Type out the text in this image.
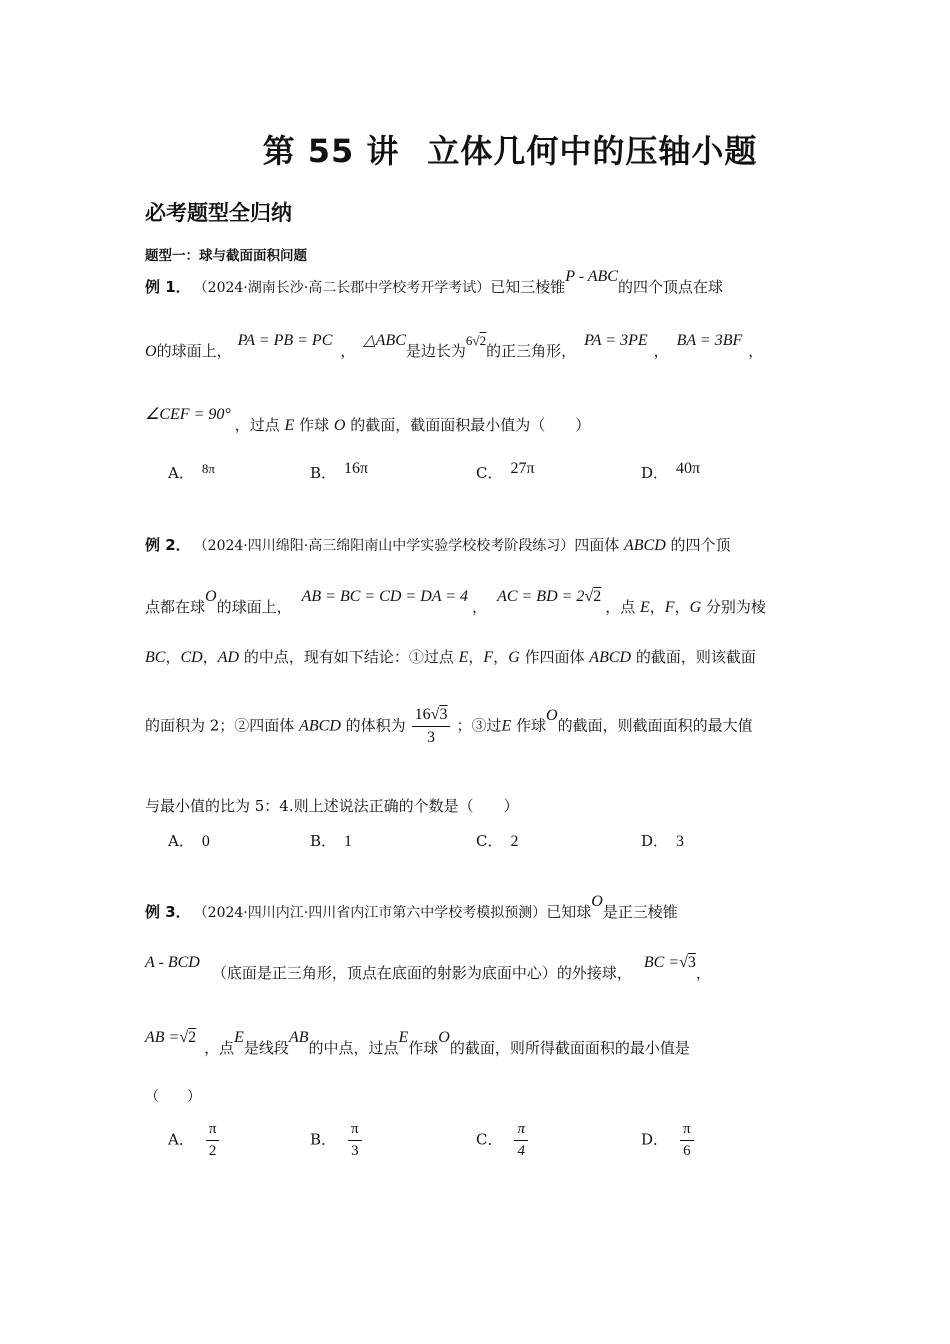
第 55 讲 立体几何中的压轴小题
必考题型全归纳
题型一：球与截面面积问题
例 1． （2024·湖南长沙·高二长郡中学校考开学考试）已知三棱锥P - ABC的四个顶点在球
O的球面上，PA = PB = PC，△ABC是边长为6√2的正三角形，PA = 3PE，BA = 3BF，
∠CEF = 90°，过点 E 作球 O 的截面，截面面积最小值为（　　）
A． 8π	B． 16π	C． 27π	D． 40π
例 2． （2024·四川绵阳·高三绵阳南山中学实验学校校考阶段练习）四面体 ABCD 的四个顶
点都在球O的球面上，AB = BC = CD = DA = 4，AC = BD = 2√2，点 E，F，G 分别为棱
BC，CD，AD 的中点，现有如下结论：①过点 E，F，G 作四面体 ABCD 的截面，则该截面
的面积为 2；②四面体 ABCD 的体积为 $\frac{16√3}{3}$ ；③过E 作球O的截面，则截面面积的最大值
与最小值的比为 5：4.则上述说法正确的个数是（　　）
A． 0	B． 1	C． 2	D． 3
例 3． （2024·四川内江·四川省内江市第六中学校考模拟预测）已知球O是正三棱锥
A - BCD（底面是正三角形，顶点在底面的射影为底面中心）的外接球，BC =√3，
AB =√2，点E是线段AB的中点，过点E作球O的截面，则所得截面面积的最小值是
（　　）
A． $\frac{\pi}{2}$	B． $\frac{\pi}{3}$	C． $\frac{\pi}{4}$	D． $\frac{\pi}{6}$
